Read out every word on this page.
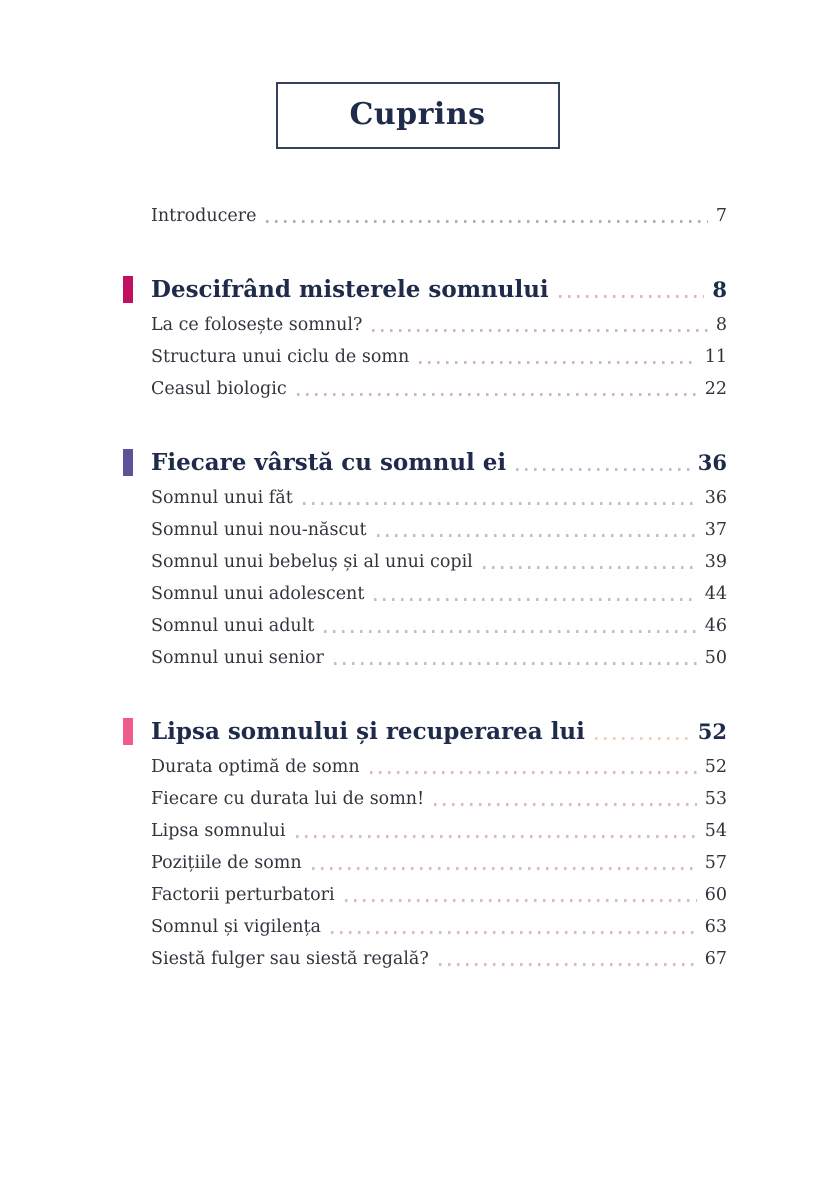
Cuprins
Introducere	7
Descifrând misterele somnului	8
La ce folosește somnul?	8
Structura unui ciclu de somn	11
Ceasul biologic	22
Fiecare vârstă cu somnul ei	36
Somnul unui făt	36
Somnul unui nou-născut	37
Somnul unui bebeluș și al unui copil	39
Somnul unui adolescent	44
Somnul unui adult	46
Somnul unui senior	50
Lipsa somnului și recuperarea lui	52
Durata optimă de somn	52
Fiecare cu durata lui de somn!	53
Lipsa somnului	54
Pozițiile de somn	57
Factorii perturbatori	60
Somnul și vigilența	63
Siestă fulger sau siestă regală?	67
